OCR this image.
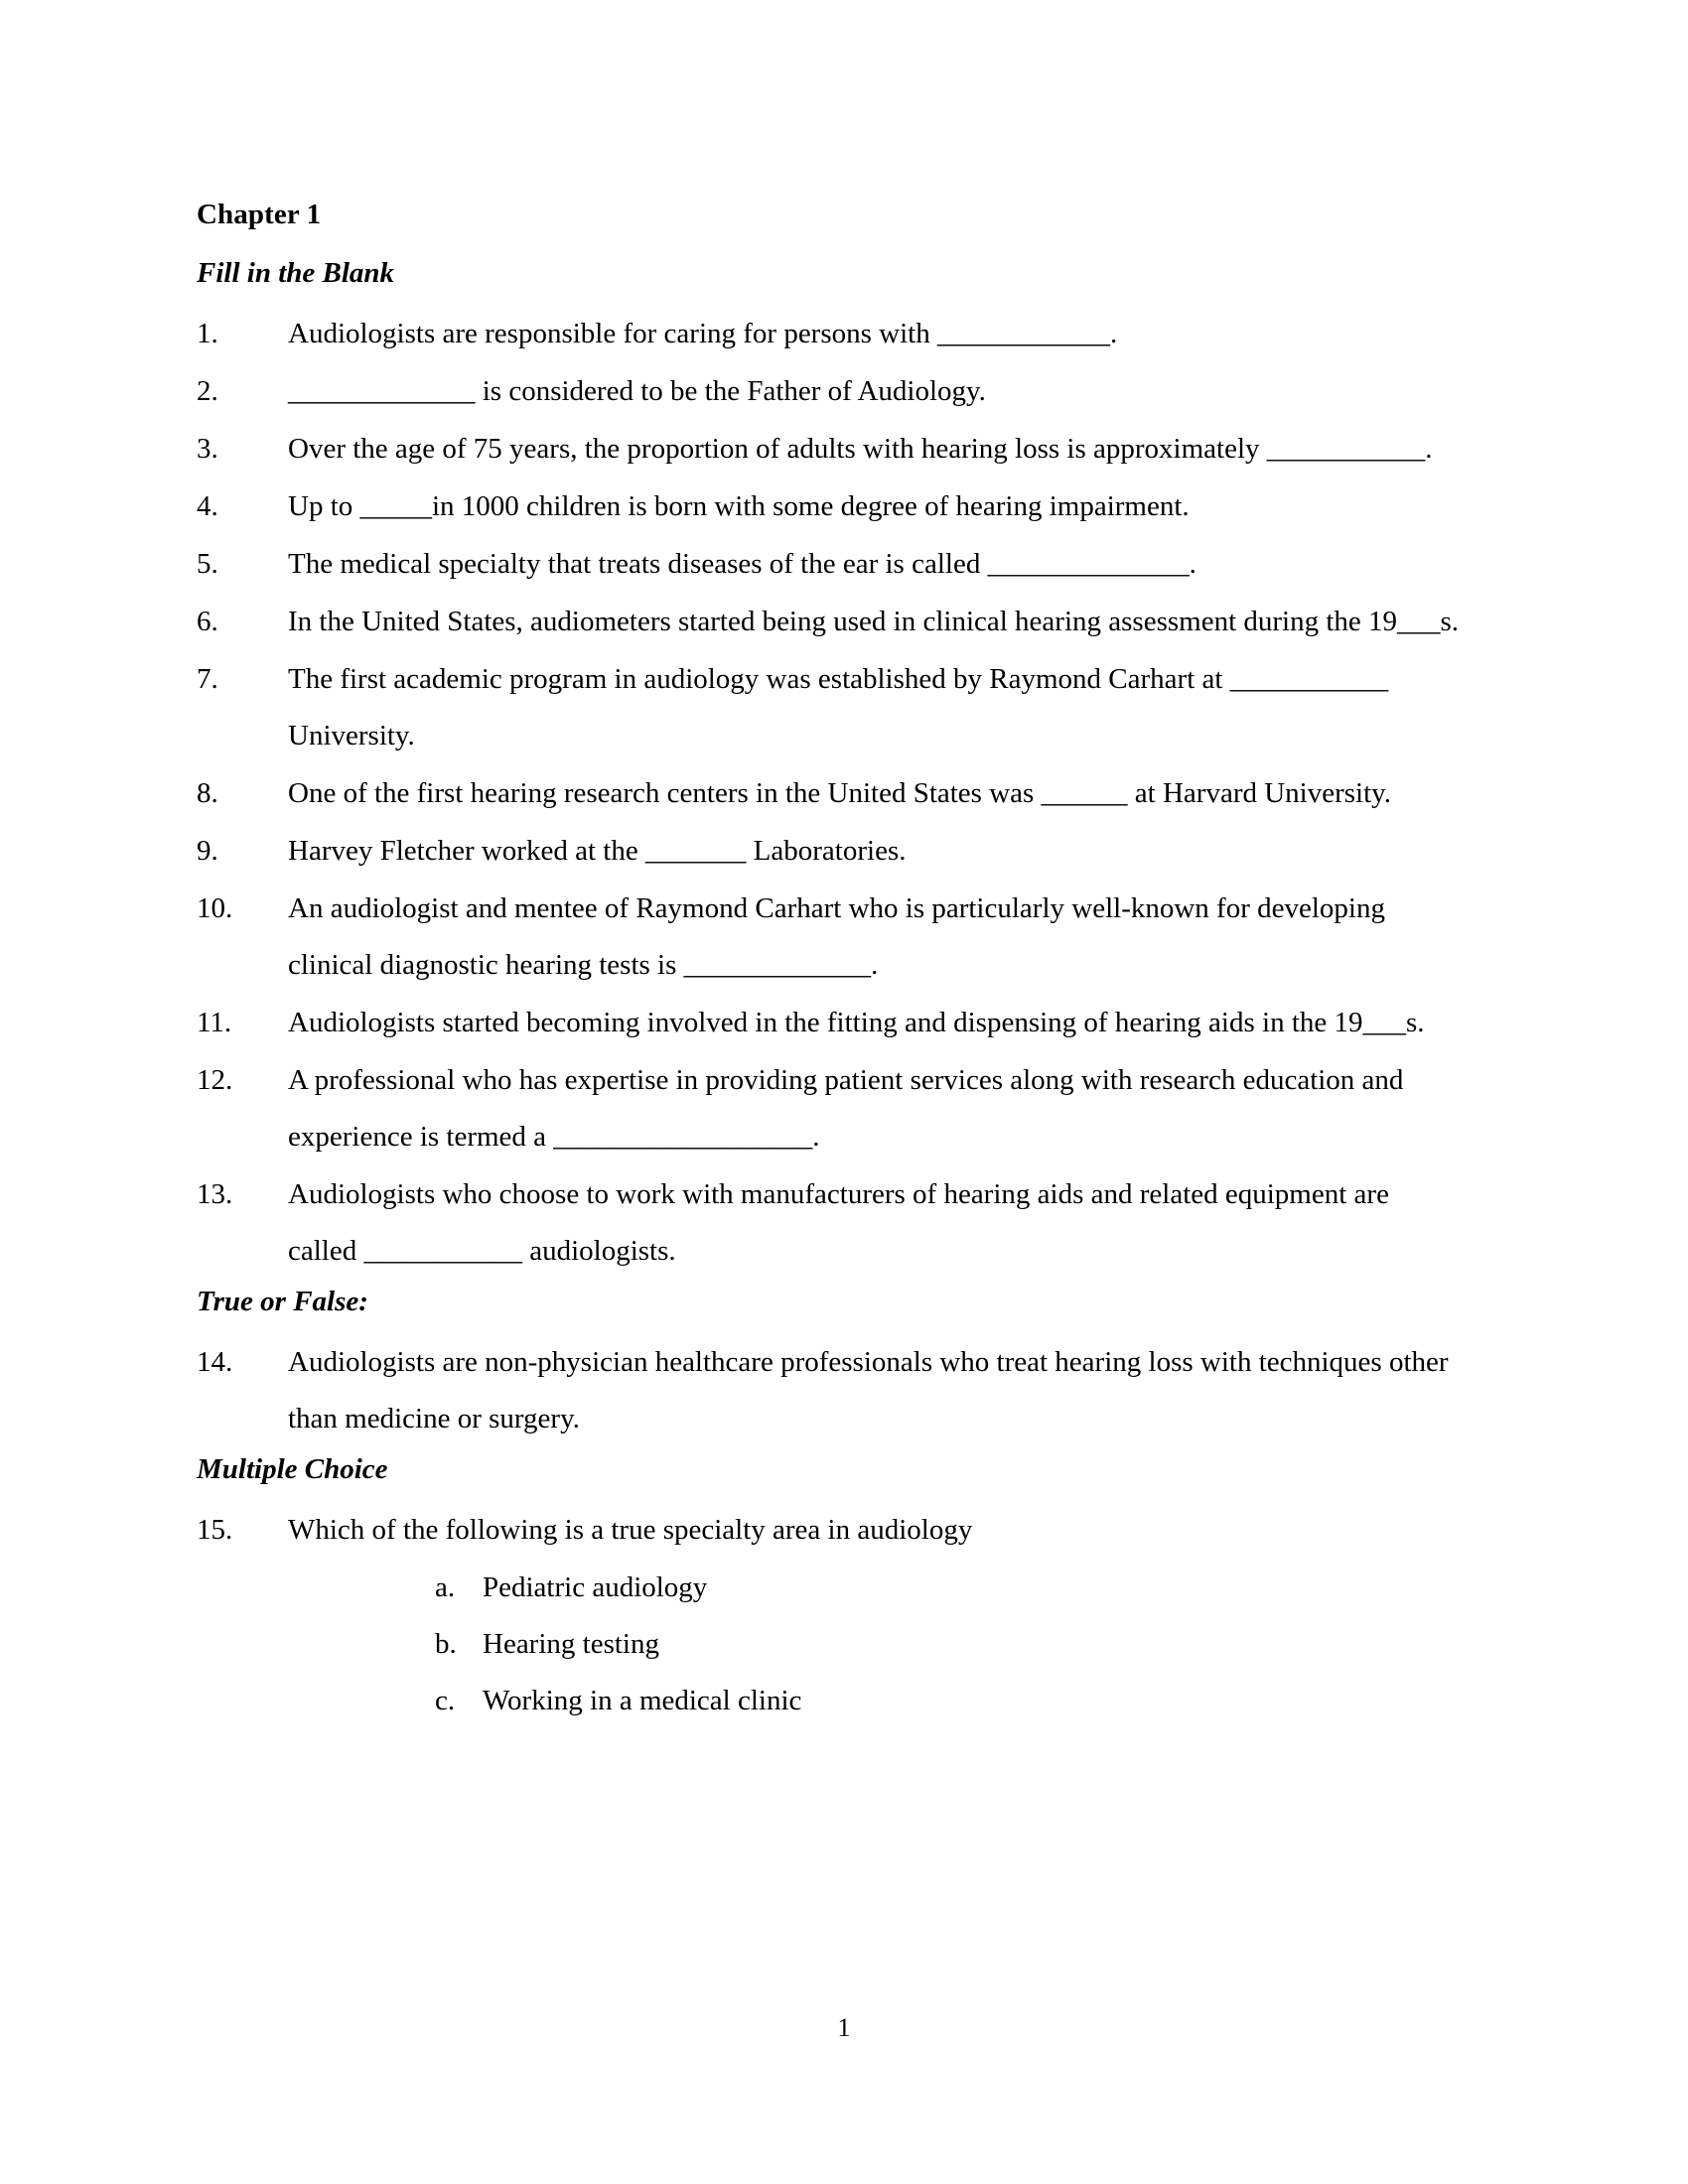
Chapter 1
Fill in the Blank
1.	Audiologists are responsible for caring for persons with ____________.
2.	_____________ is considered to be the Father of Audiology.
3.	Over the age of 75 years, the proportion of adults with hearing loss is approximately ___________.
4.	Up to _____in 1000 children is born with some degree of hearing impairment.
5.	The medical specialty that treats diseases of the ear is called ______________.
6.	In the United States, audiometers started being used in clinical hearing assessment during the 19___s.
7.	The first academic program in audiology was established by Raymond Carhart at ___________ University.
8.	One of the first hearing research centers in the United States was ______ at Harvard University.
9.	Harvey Fletcher worked at the _______ Laboratories.
10.	An audiologist and mentee of Raymond Carhart who is particularly well-known for developing clinical diagnostic hearing tests is _____________.
11.	Audiologists started becoming involved in the fitting and dispensing of hearing aids in the 19___s.
12.	A professional who has expertise in providing patient services along with research education and experience is termed a __________________.
13.	Audiologists who choose to work with manufacturers of hearing aids and related equipment are called ___________ audiologists.
True or False:
14.	Audiologists are non-physician healthcare professionals who treat hearing loss with techniques other than medicine or surgery.
Multiple Choice
15.	Which of the following is a true specialty area in audiology
a. Pediatric audiology
b. Hearing testing
c. Working in a medical clinic
1
